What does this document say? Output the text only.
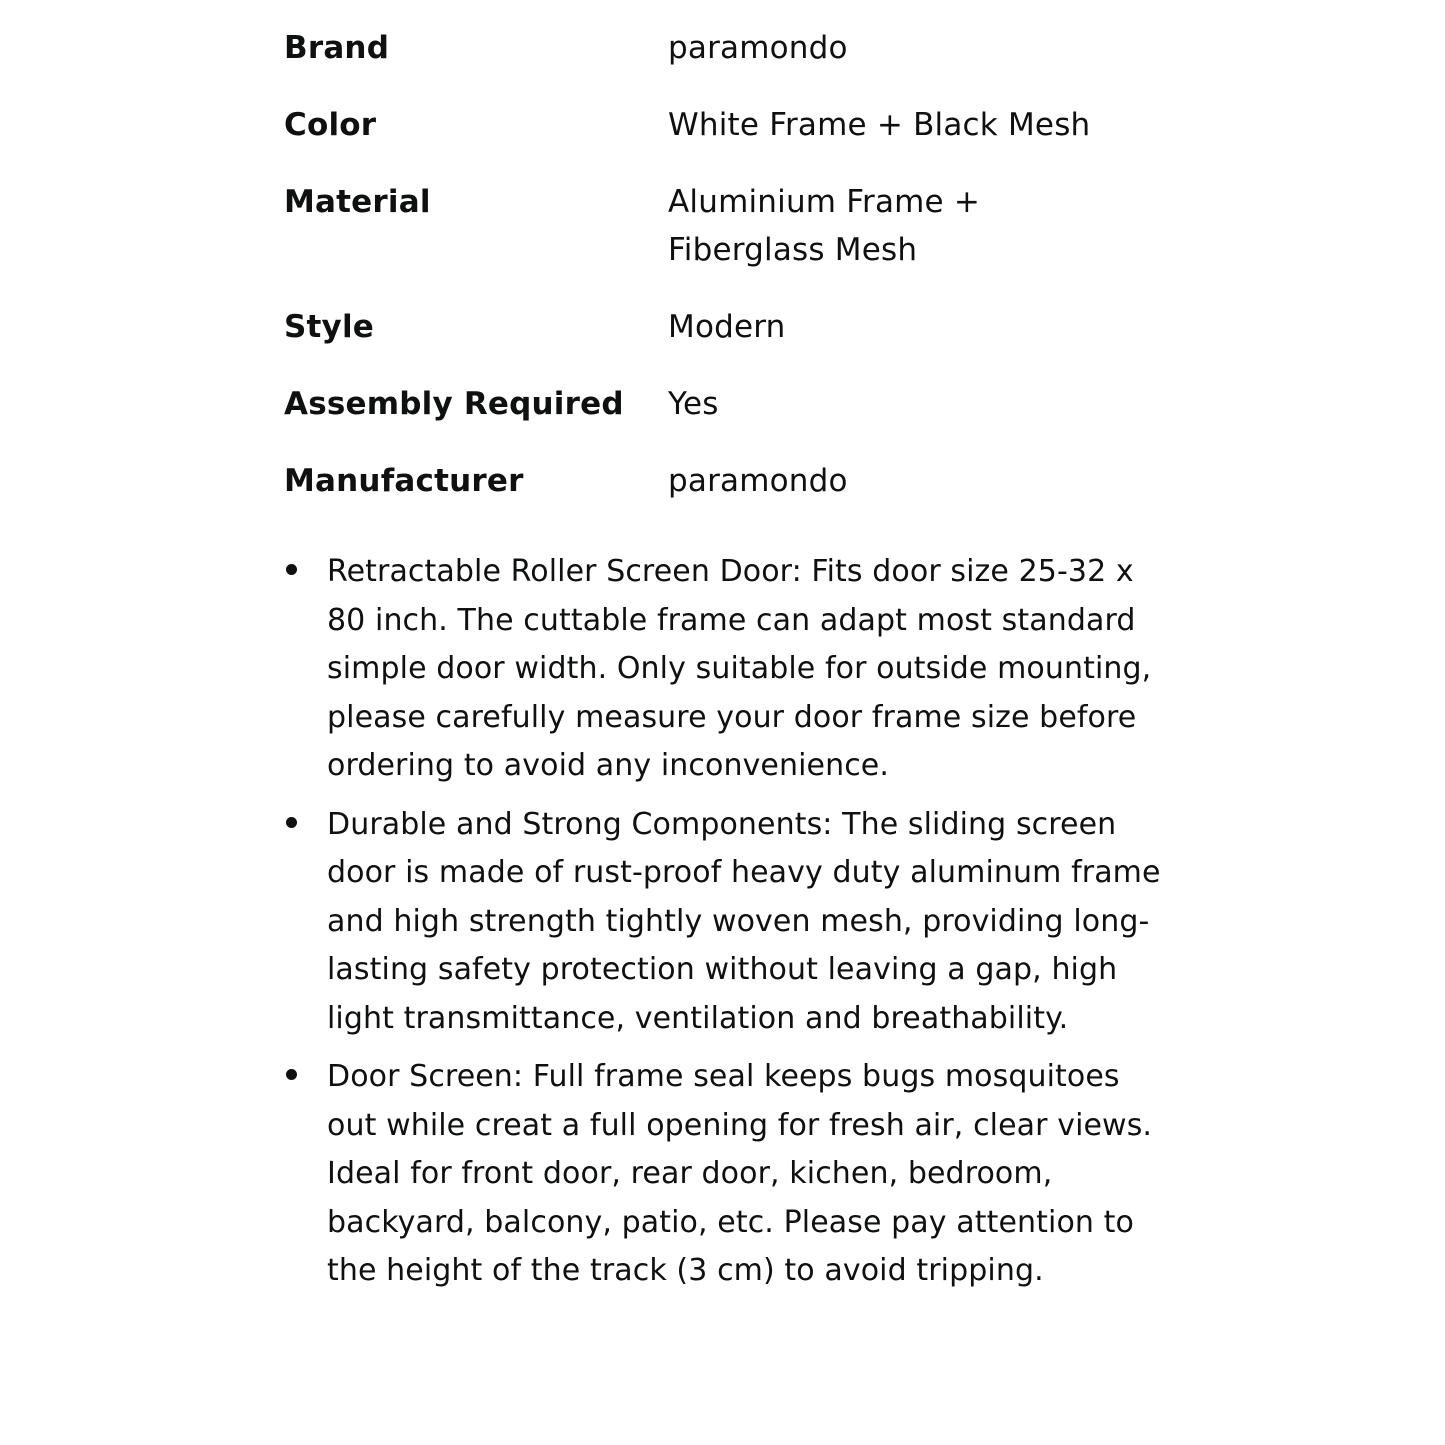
Brand	paramondo
Color	White Frame + Black Mesh
Material	Aluminium Frame + Fiberglass Mesh
Style	Modern
Assembly Required	Yes
Manufacturer	paramondo
Retractable Roller Screen Door: Fits door size 25-32 x 80 inch. The cuttable frame can adapt most standard simple door width. Only suitable for outside mounting, please carefully measure your door frame size before ordering to avoid any inconvenience.
Durable and Strong Components: The sliding screen door is made of rust-proof heavy duty aluminum frame and high strength tightly woven mesh, providing long-lasting safety protection without leaving a gap, high light transmittance, ventilation and breathability.
Door Screen: Full frame seal keeps bugs mosquitoes out while creat a full opening for fresh air, clear views. Ideal for front door, rear door, kichen, bedroom, backyard, balcony, patio, etc. Please pay attention to the height of the track (3 cm) to avoid tripping.
